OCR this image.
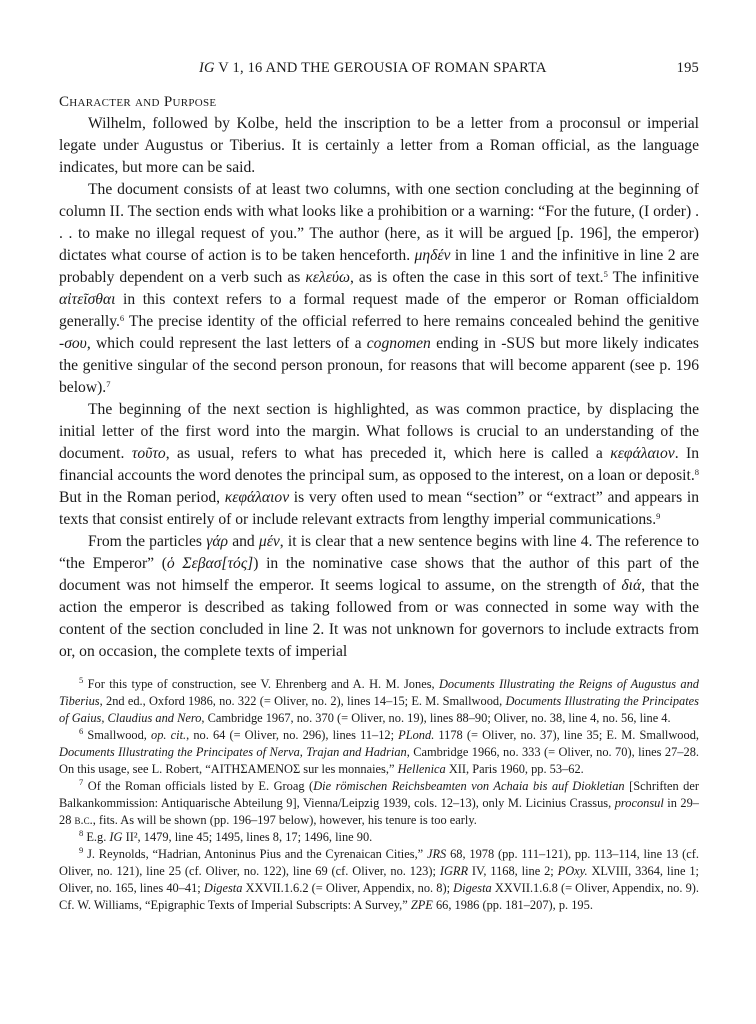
IG V 1, 16 AND THE GEROUSIA OF ROMAN SPARTA	195
Character and Purpose

Wilhelm, followed by Kolbe, held the inscription to be a letter from a proconsul or imperial legate under Augustus or Tiberius. It is certainly a letter from a Roman official, as the language indicates, but more can be said.

The document consists of at least two columns, with one section concluding at the beginning of column II. The section ends with what looks like a prohibition or a warning: “For the future, (I order) . . . to make no illegal request of you.” The author (here, as it will be argued [p. 196], the emperor) dictates what course of action is to be taken henceforth. μηδέν in line 1 and the infinitive in line 2 are probably dependent on a verb such as κελεύω, as is often the case in this sort of text.$^5$ The infinitive αἰτεῖσθαι in this context refers to a formal request made of the emperor or Roman officialdom generally.$^6$ The precise identity of the official referred to here remains concealed behind the genitive -σου, which could represent the last letters of a cognomen ending in -SUS but more likely indicates the genitive singular of the second person pronoun, for reasons that will become apparent (see p. 196 below).$^7$

The beginning of the next section is highlighted, as was common practice, by displacing the initial letter of the first word into the margin. What follows is crucial to an understanding of the document. τοῦτο, as usual, refers to what has preceded it, which here is called a κεφάλαιον. In financial accounts the word denotes the principal sum, as opposed to the interest, on a loan or deposit.$^8$ But in the Roman period, κεφάλαιον is very often used to mean “section” or “extract” and appears in texts that consist entirely of or include relevant extracts from lengthy imperial communications.$^9$

From the particles γάρ and μέν, it is clear that a new sentence begins with line 4. The reference to “the Emperor” (ὁ Σεβασ[τός]) in the nominative case shows that the author of this part of the document was not himself the emperor. It seems logical to assume, on the strength of διά, that the action the emperor is described as taking followed from or was connected in some way with the content of the section concluded in line 2. It was not unknown for governors to include extracts from or, on occasion, the complete texts of imperial

$^5$ For this type of construction, see V. Ehrenberg and A. H. M. Jones, Documents Illustrating the Reigns of Augustus and Tiberius, 2nd ed., Oxford 1986, no. 322 (= Oliver, no. 2), lines 14–15; E. M. Smallwood, Documents Illustrating the Principates of Gaius, Claudius and Nero, Cambridge 1967, no. 370 (= Oliver, no. 19), lines 88–90; Oliver, no. 38, line 4, no. 56, line 4.

$^6$ Smallwood, op. cit., no. 64 (= Oliver, no. 296), lines 11–12; PLond. 1178 (= Oliver, no. 37), line 35; E. M. Smallwood, Documents Illustrating the Principates of Nerva, Trajan and Hadrian, Cambridge 1966, no. 333 (= Oliver, no. 70), lines 27–28. On this usage, see L. Robert, “ΑΙΤΗΣΑΜΕΝΟΣ sur les monnaies,” Hellenica XII, Paris 1960, pp. 53–62.

$^7$ Of the Roman officials listed by E. Groag (Die römischen Reichsbeamten von Achaia bis auf Diokletian [Schriften der Balkankommission: Antiquarische Abteilung 9], Vienna/Leipzig 1939, cols. 12–13), only M. Licinius Crassus, proconsul in 29–28 b.c., fits. As will be shown (pp. 196–197 below), however, his tenure is too early.

$^8$ E.g. IG II², 1479, line 45; 1495, lines 8, 17; 1496, line 90.

$^9$ J. Reynolds, “Hadrian, Antoninus Pius and the Cyrenaican Cities,” JRS 68, 1978 (pp. 111–121), pp. 113–114, line 13 (cf. Oliver, no. 121), line 25 (cf. Oliver, no. 122), line 69 (cf. Oliver, no. 123); IGRR IV, 1168, line 2; POxy. XLVIII, 3364, line 1; Oliver, no. 165, lines 40–41; Digesta XXVII.1.6.2 (= Oliver, Appendix, no. 8); Digesta XXVII.1.6.8 (= Oliver, Appendix, no. 9). Cf. W. Williams, “Epigraphic Texts of Imperial Subscripts: A Survey,” ZPE 66, 1986 (pp. 181–207), p. 195.
